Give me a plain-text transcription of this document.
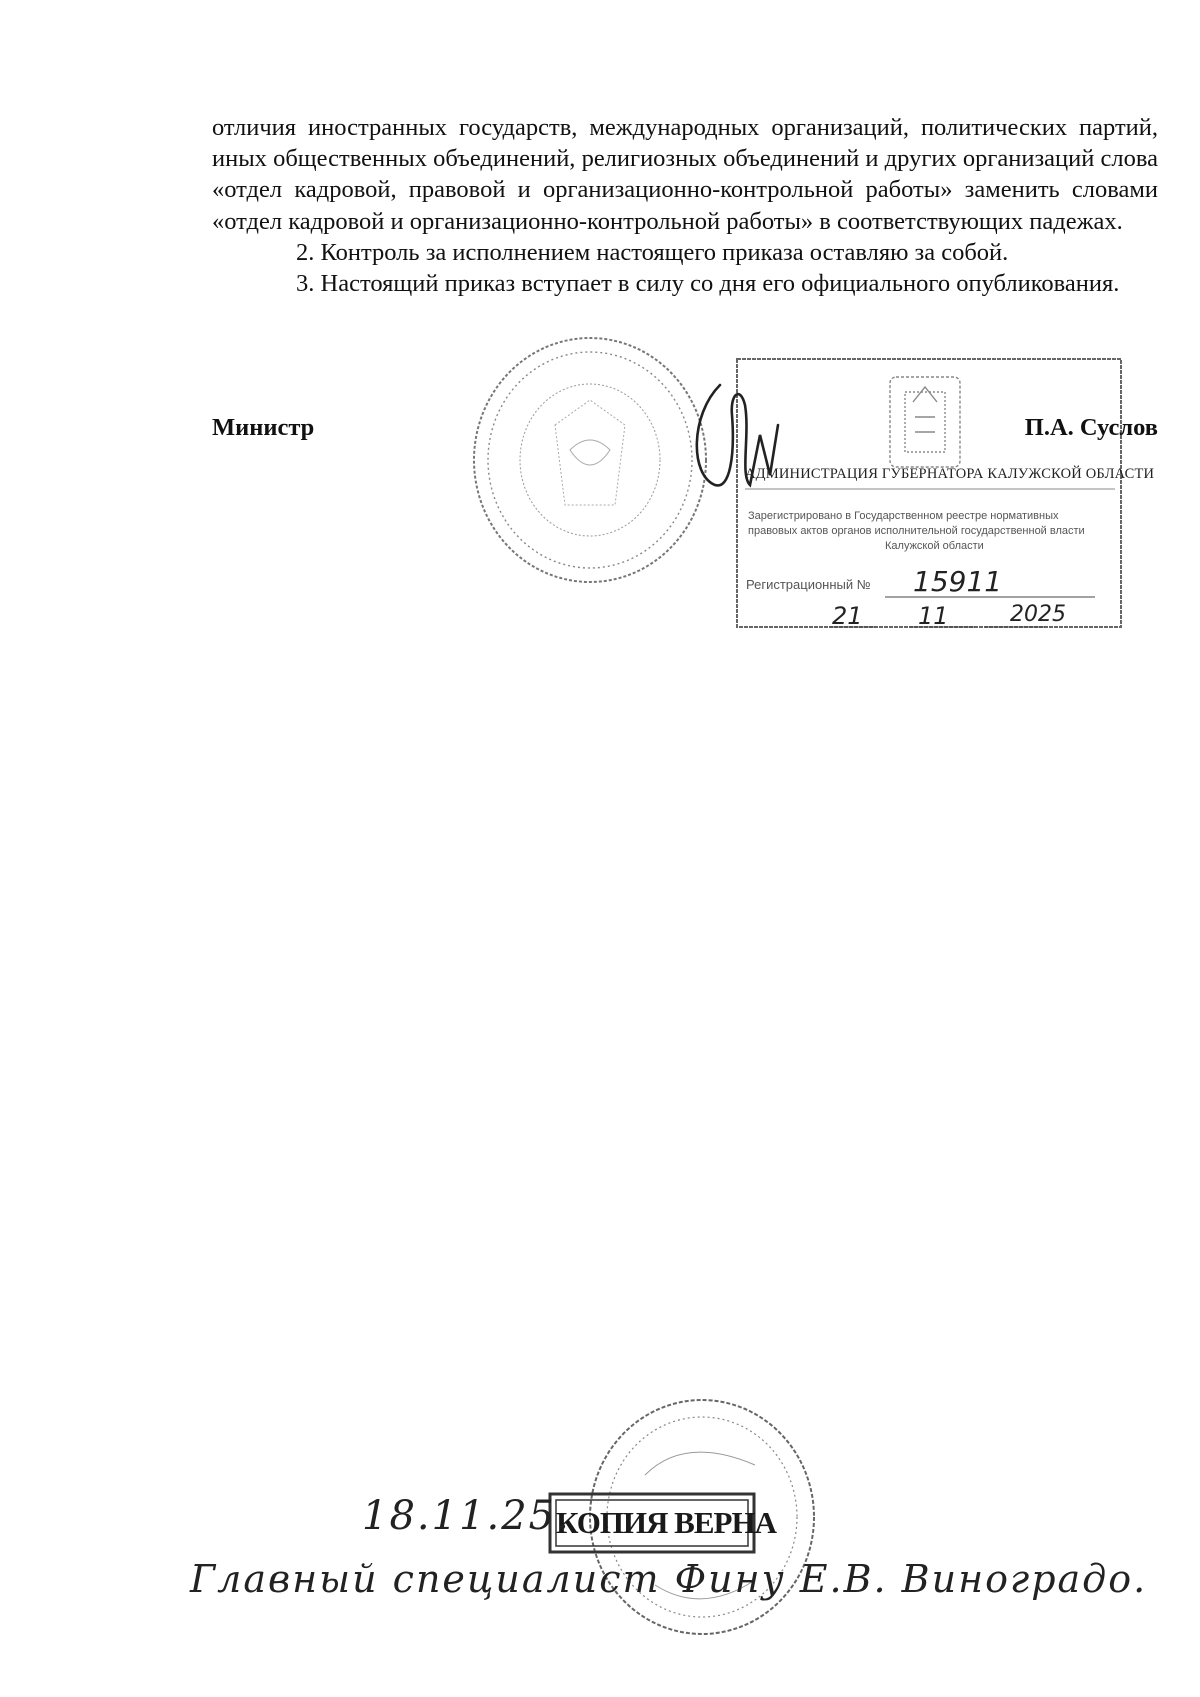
отличия иностранных государств, международных организаций, политических партий, иных общественных объединений, религиозных объединений и других организаций слова «отдел кадровой, правовой и организационно-контрольной работы» заменить словами «отдел кадровой и организационно-контрольной работы» в соответствующих падежах.

2. Контроль за исполнением настоящего приказа оставляю за собой.

3. Настоящий приказ вступает в силу со дня его официального опубликования.

АДМИНИСТРАЦИЯ ГУБЕРНАТОРА КАЛУЖСКОЙ ОБЛАСТИ
Зарегистрировано в Государственном реестре нормативных
правовых актов органов исполнительной государственной власти
Калужской области
Регистрационный № 15911
21 11	2025
Министр	П.А. Суслов
КОПИЯ ВЕРНА
18.11.25.
Главный специалист Фину Е.В. Виноградо.
